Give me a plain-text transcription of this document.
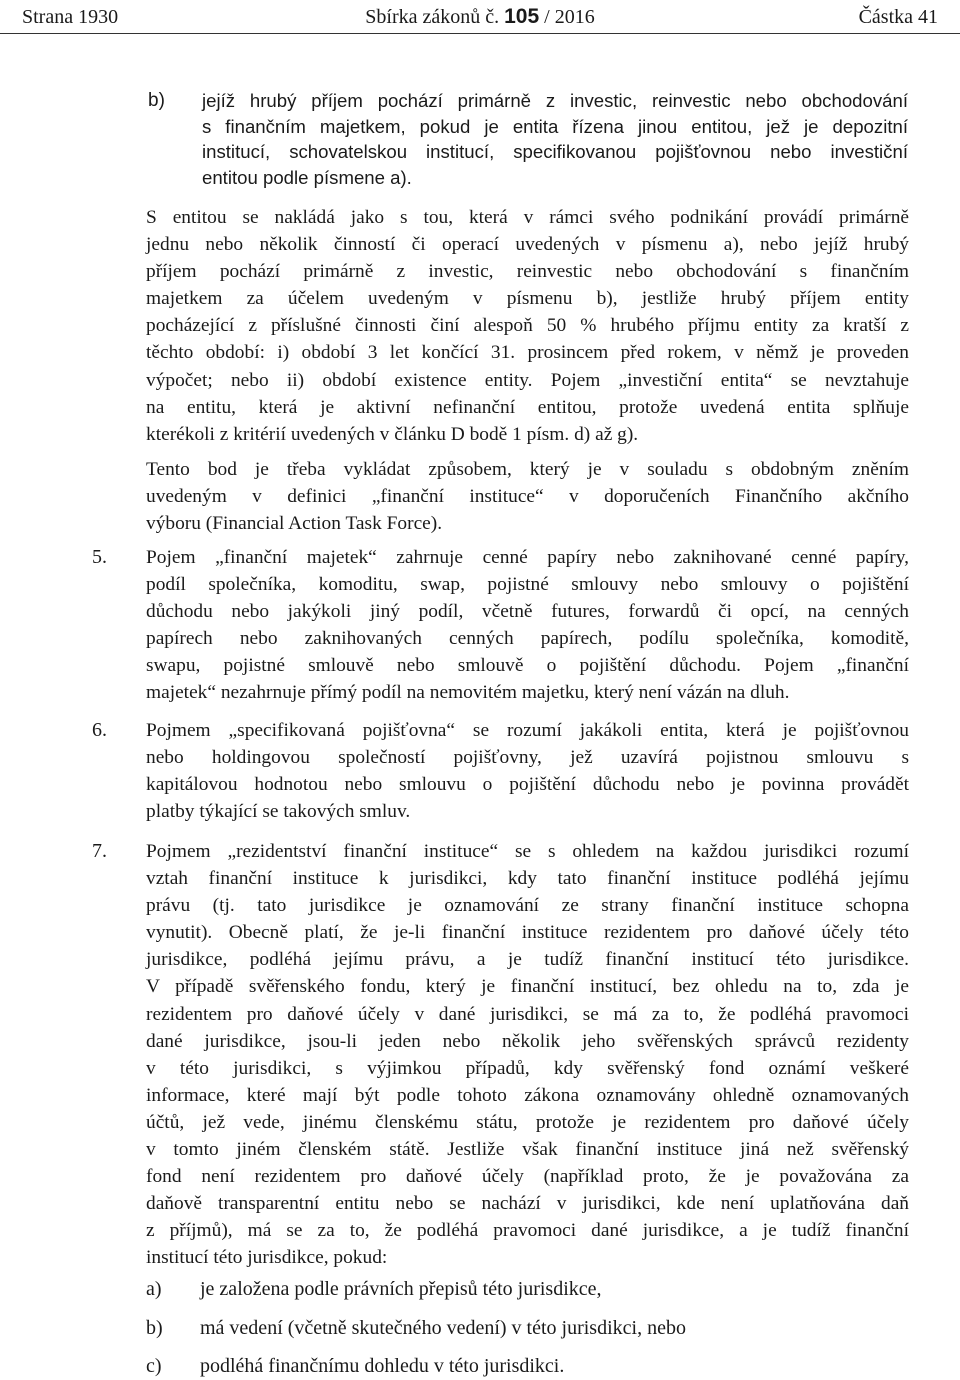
Strana 1930	Sbírka zákonů č. 105 / 2016	Částka 41
b) jejíž hrubý příjem pochází primárně z investic, reinvestic nebo obchodování
s finančním majetkem, pokud je entita řízena jinou entitou, jež je depozitní
institucí, schovatelskou institucí, specifikovanou pojišťovnou nebo investiční
entitou podle písmene a).
S entitou se nakládá jako s tou, která v rámci svého podnikání provádí primárně
jednu nebo několik činností či operací uvedených v písmenu a), nebo jejíž hrubý
příjem pochází primárně z investic, reinvestic nebo obchodování s finančním
majetkem za účelem uvedeným v písmenu b), jestliže hrubý příjem entity
pocházející z příslušné činnosti činí alespoň 50 % hrubého příjmu entity za kratší z
těchto období: i) období 3 let končící 31. prosincem před rokem, v němž je proveden
výpočet; nebo ii) období existence entity. Pojem „investiční entita“ se nevztahuje
na entitu, která je aktivní nefinanční entitou, protože uvedená entita splňuje
kterékoli z kritérií uvedených v článku D bodě 1 písm. d) až g).
Tento bod je třeba vykládat způsobem, který je v souladu s obdobným zněním
uvedeným v definici „finanční instituce“ v doporučeních Finančního akčního
výboru (Financial Action Task Force).
5. Pojem „finanční majetek“ zahrnuje cenné papíry nebo zaknihované cenné papíry,
podíl společníka, komoditu, swap, pojistné smlouvy nebo smlouvy o pojištění
důchodu nebo jakýkoli jiný podíl, včetně futures, forwardů či opcí, na cenných
papírech nebo zaknihovaných cenných papírech, podílu společníka, komoditě,
swapu, pojistné smlouvě nebo smlouvě o pojištění důchodu. Pojem „finanční
majetek“ nezahrnuje přímý podíl na nemovitém majetku, který není vázán na dluh.
6. Pojmem „specifikovaná pojišťovna“ se rozumí jakákoli entita, která je pojišťovnou
nebo holdingovou společností pojišťovny, jež uzavírá pojistnou smlouvu s
kapitálovou hodnotou nebo smlouvu o pojištění důchodu nebo je povinna provádět
platby týkající se takových smluv.
7. Pojmem „rezidentství finanční instituce“ se s ohledem na každou jurisdikci rozumí
vztah finanční instituce k jurisdikci, kdy tato finanční instituce podléhá jejímu
právu (tj. tato jurisdikce je oznamování ze strany finanční instituce schopna
vynutit). Obecně platí, že je-li finanční instituce rezidentem pro daňové účely této
jurisdikce, podléhá jejímu právu, a je tudíž finanční institucí této jurisdikce.
V případě svěřenského fondu, který je finanční institucí, bez ohledu na to, zda je
rezidentem pro daňové účely v dané jurisdikci, se má za to, že podléhá pravomoci
dané jurisdikce, jsou-li jeden nebo několik jeho svěřenských správců rezidenty
v této jurisdikci, s výjimkou případů, kdy svěřenský fond oznámí veškeré
informace, které mají být podle tohoto zákona oznamovány ohledně oznamovaných
účtů, jež vede, jinému členskému státu, protože je rezidentem pro daňové účely
v tomto jiném členském státě. Jestliže však finanční instituce jiná než svěřenský
fond není rezidentem pro daňové účely (například proto, že je považována za
daňově transparentní entitu nebo se nachází v jurisdikci, kde není uplatňována daň
z příjmů), má se za to, že podléhá pravomoci dané jurisdikce, a je tudíž finanční
institucí této jurisdikce, pokud:
a) je založena podle právních přepisů této jurisdikce,
b) má vedení (včetně skutečného vedení) v této jurisdikci, nebo
c) podléhá finančnímu dohledu v této jurisdikci.
